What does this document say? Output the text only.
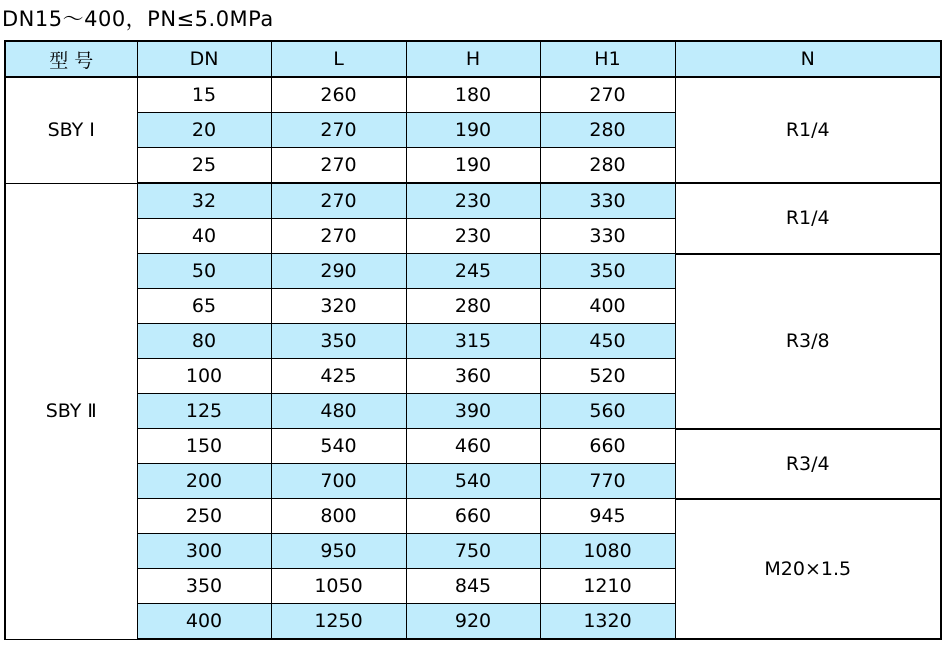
DN15～400，PN≤5.0MPa
型 号	DN	L	H	H1	N
SBY Ⅰ	15	260	180	270	R1/4
	20	270	190	280	
	25	270	190	280	
SBY Ⅱ	32	270	230	330	R1/4
	40	270	230	330	
	50	290	245	350	R3/8
	65	320	280	400	
	80	350	315	450	
	100	425	360	520	
	125	480	390	560	
	150	540	460	660	R3/4
	200	700	540	770	
	250	800	660	945	M20×1.5
	300	950	750	1080	
	350	1050	845	1210	
	400	1250	920	1320	
